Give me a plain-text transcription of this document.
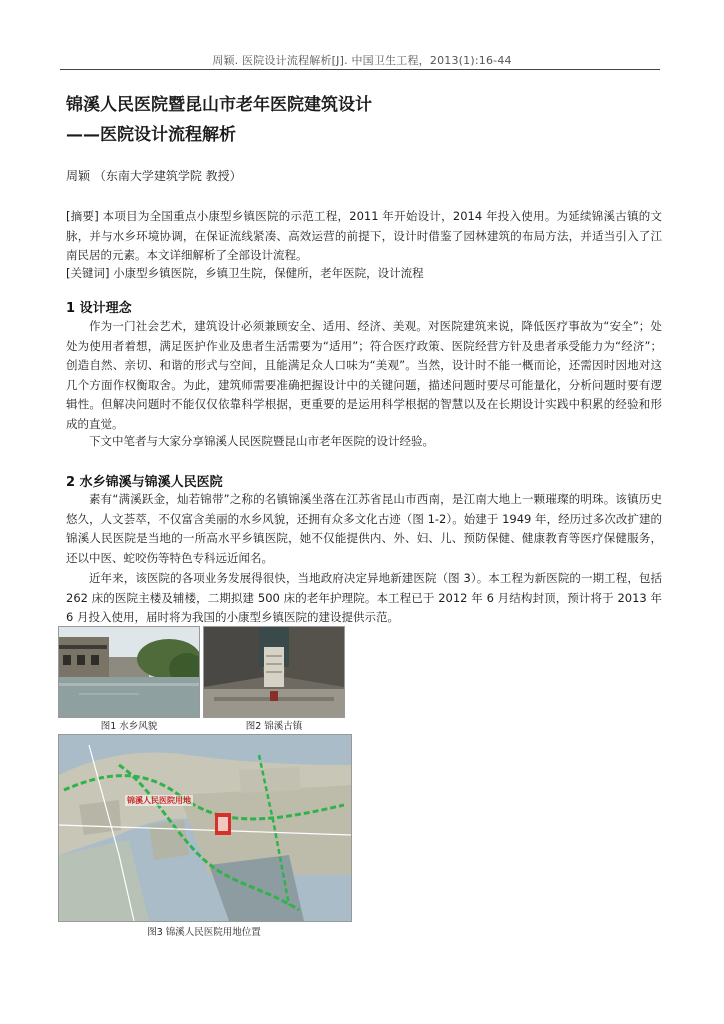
周颖. 医院设计流程解析[J]. 中国卫生工程，2013(1):16-44
锦溪人民医院暨昆山市老年医院建筑设计
——医院设计流程解析
周颖 （东南大学建筑学院 教授）
[摘要] 本项目为全国重点小康型乡镇医院的示范工程，2011 年开始设计，2014 年投入使用。为延续锦溪古镇的文脉，并与水乡环境协调，在保证流线紧凑、高效运营的前提下，设计时借鉴了园林建筑的布局方法，并适当引入了江南民居的元素。本文详细解析了全部设计流程。
[关键词] 小康型乡镇医院，乡镇卫生院，保健所，老年医院，设计流程
1 设计理念
作为一门社会艺术，建筑设计必须兼顾安全、适用、经济、美观。对医院建筑来说，降低医疗事故为“安全”；处处为使用者着想，满足医护作业及患者生活需要为“适用”；符合医疗政策、医院经营方针及患者承受能力为“经济”；创造自然、亲切、和谐的形式与空间，且能满足众人口味为“美观”。当然，设计时不能一概而论，还需因时因地对这几个方面作权衡取舍。为此，建筑师需要准确把握设计中的关键问题，描述问题时要尽可能量化，分析问题时要有逻辑性。但解决问题时不能仅仅依靠科学根据，更重要的是运用科学根据的智慧以及在长期设计实践中积累的经验和形成的直觉。
下文中笔者与大家分享锦溪人民医院暨昆山市老年医院的设计经验。
2 水乡锦溪与锦溪人民医院
素有“满溪跃金，灿若锦带”之称的名镇锦溪坐落在江苏省昆山市西南，是江南大地上一颗璀璨的明珠。该镇历史悠久，人文荟萃，不仅富含美丽的水乡风貌，还拥有众多文化古迹（图 1-2）。始建于 1949 年，经历过多次改扩建的锦溪人民医院是当地的一所高水平乡镇医院，她不仅能提供内、外、妇、儿、预防保健、健康教育等医疗保健服务，还以中医、蛇咬伤等特色专科远近闻名。
近年来，该医院的各项业务发展得很快，当地政府决定异地新建医院（图 3）。本工程为新医院的一期工程，包括 262 床的医院主楼及辅楼，二期拟建 500 床的老年护理院。本工程已于 2012 年 6 月结构封顶，预计将于 2013 年 6 月投入使用，届时将为我国的小康型乡镇医院的建设提供示范。
图1 水乡风貌	图2 锦溪古镇
锦溪人民医院用地
图3 锦溪人民医院用地位置
